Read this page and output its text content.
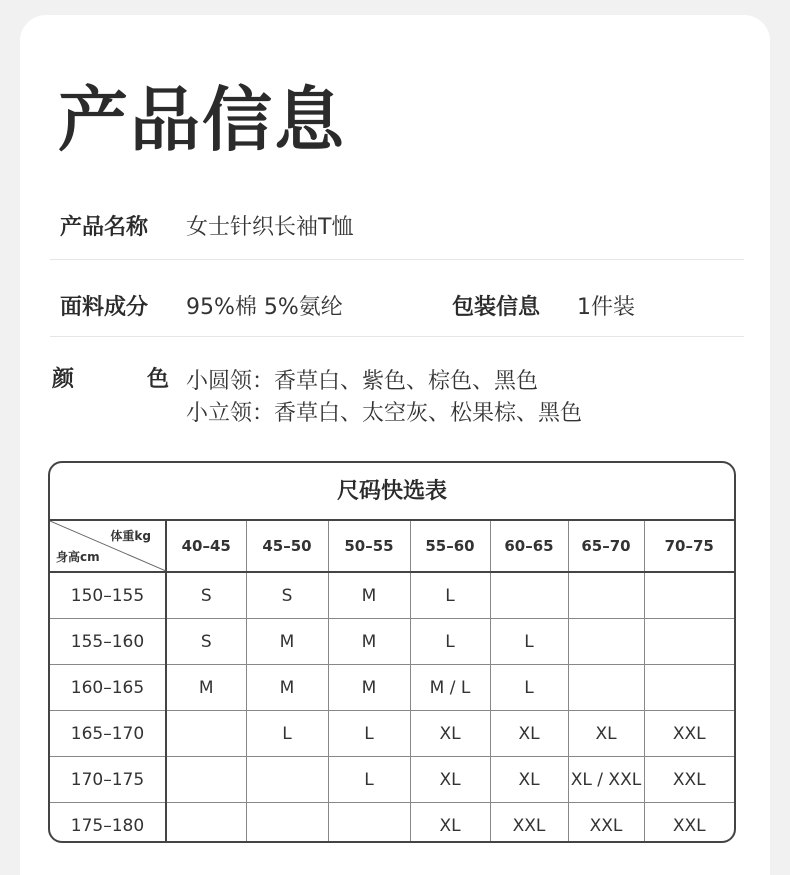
产品信息
产品名称 女士针织长袖T恤
面料成分 95%棉 5%氨纶	包装信息 1件装
颜	色 小圆领：香草白、紫色、棕色、黑色
小立领：香草白、太空灰、松果棕、黑色
尺码快选表
体重kg
身高cm	40–45	45–50	50–55	55–60	60–65	65–70	70–75
150–155	S	S	M	L			
155–160	S	M	M	L	L		
160–165	M	M	M	M / L	L		
165–170		L	L	XL	XL	XL	XXL
170–175			L	XL	XL	XL / XXL	XXL
175–180				XL	XXL	XXL	XXL
